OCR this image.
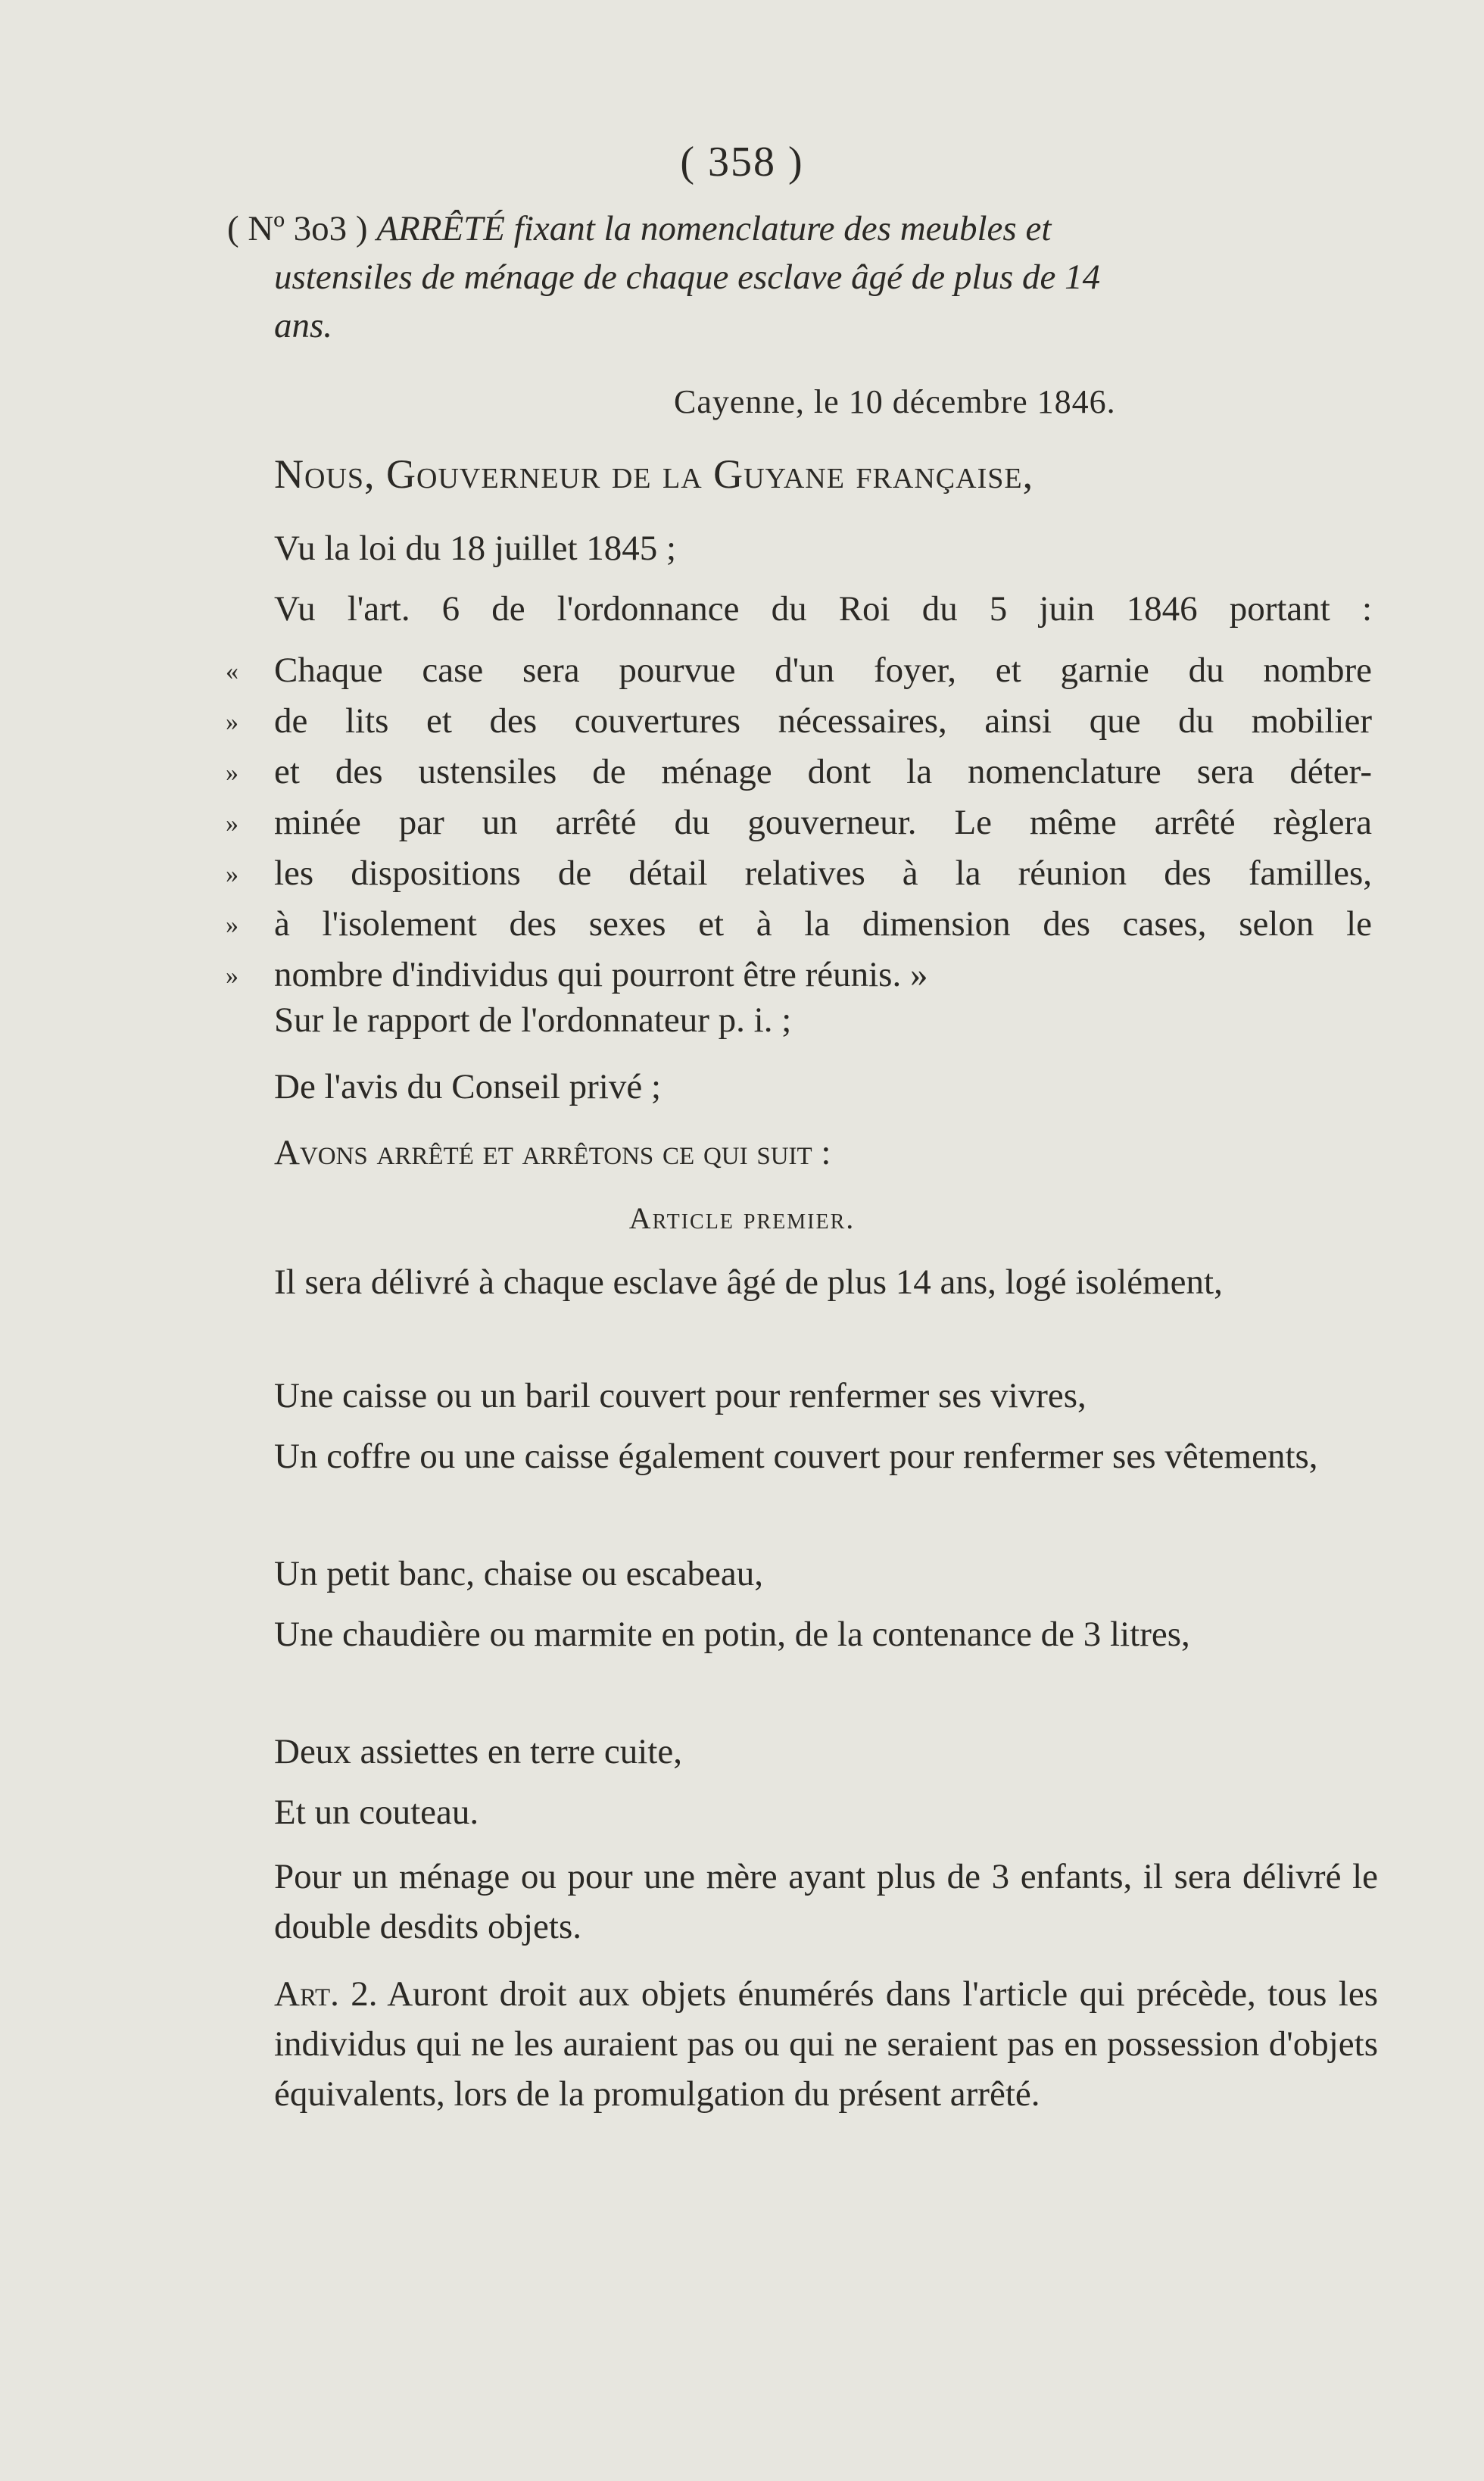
( 358 )
( Nº 3o3 ) ARRÊTÉ fixant la nomenclature des meubles et
ustensiles de ménage de chaque esclave âgé de plus de 14
ans.
Cayenne, le 10 décembre 1846.
Nous, Gouverneur de la Guyane française,
Vu la loi du 18 juillet 1845 ;
Vu l'art. 6 de l'ordonnance du Roi du 5 juin 1846 portant :
« Chaque case sera pourvue d'un foyer, et garnie du nombre
» de lits et des couvertures nécessaires, ainsi que du mobilier
» et des ustensiles de ménage dont la nomenclature sera déter-
» minée par un arrêté du gouverneur. Le même arrêté règlera
» les dispositions de détail relatives à la réunion des familles,
» à l'isolement des sexes et à la dimension des cases, selon le
» nombre d'individus qui pourront être réunis. »
Sur le rapport de l'ordonnateur p. i. ;
De l'avis du Conseil privé ;
Avons arrêté et arrêtons ce qui suit :
Article premier.
Il sera délivré à chaque esclave âgé de plus 14 ans, logé isolément,
Une caisse ou un baril couvert pour renfermer ses vivres,
Un coffre ou une caisse également couvert pour renfermer ses vêtements,
Un petit banc, chaise ou escabeau,
Une chaudière ou marmite en potin, de la contenance de 3 litres,
Deux assiettes en terre cuite,
Et un couteau.
Pour un ménage ou pour une mère ayant plus de 3 enfants, il sera délivré le double desdits objets.
Art. 2. Auront droit aux objets énumérés dans l'article qui précède, tous les individus qui ne les auraient pas ou qui ne seraient pas en possession d'objets équivalents, lors de la promulgation du présent arrêté.
